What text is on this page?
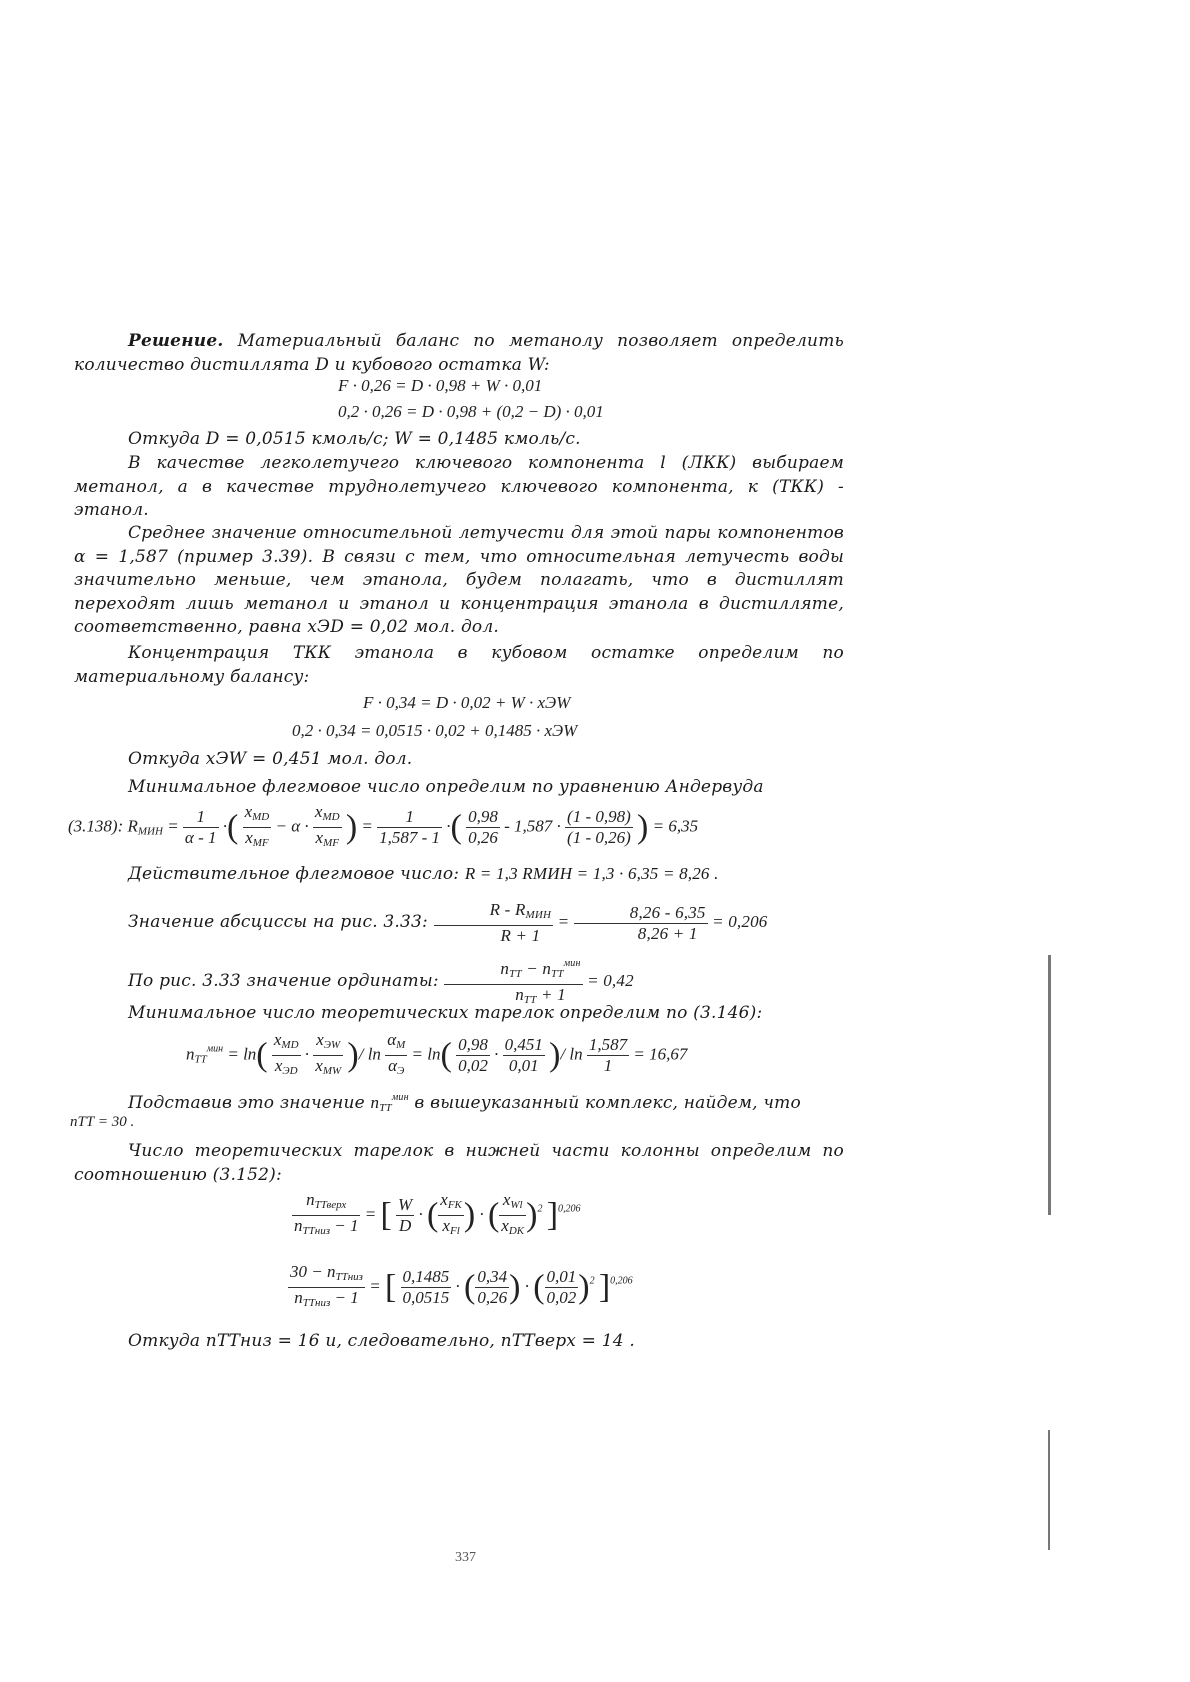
Решение. Материальный баланс по метанолу позволяет определить количество дистиллята D и кубового остатка W:
F · 0,26 = D · 0,98 + W · 0,01
0,2 · 0,26 = D · 0,98 + (0,2 − D) · 0,01
Откуда D = 0,0515 кмоль/с; W = 0,1485 кмоль/с.
В качестве легколетучего ключевого компонента l (ЛКК) выбираем метанол, а в качестве труднолетучего ключевого компонента, к (ТКК) - этанол.
Среднее значение относительной летучести для этой пары компонентов α = 1,587 (пример 3.39). В связи с тем, что относительная летучесть воды значительно меньше, чем этанола, будем полагать, что в дистиллят переходят лишь метанол и этанол и концентрация этанола в дистилляте, соответственно, равна xЭD = 0,02 мол. дол.
Концентрация ТКК этанола в кубовом остатке определим по материальному балансу:
F · 0,34 = D · 0,02 + W · xЭW
0,2 · 0,34 = 0,0515 · 0,02 + 0,1485 · xЭW
Откуда xЭW = 0,451 мол. дол.
Минимальное флегмовое число определим по уравнению Андервуда
(3.138): $R_{МИН} = \frac{1}{\alpha - 1}$ ·( $\frac{x_{MD}}{x_{MF}} - \alpha \cdot \frac{x_{MD}}{x_{MF}}$ ) = $\frac{1}{1,587 - 1}$ ·( $\frac{0,98}{0,26} - 1,587 \cdot \frac{(1 - 0,98)}{(1 - 0,26)}$ ) = 6,35
Действительное флегмовое число: R = 1,3 RМИН = 1,3 · 6,35 = 8,26 .
Значение абсциссы на рис. 3.33: $\frac{R - R_{МИН}}{R + 1} = \frac{8,26 - 6,35}{8,26 + 1} = 0,206$
По рис. 3.33 значение ординаты: $\frac{n_{ТТ} - n_{ТТ}^{мин}}{n_{ТТ} + 1} = 0,42$
Минимальное число теоретических тарелок определим по (3.146):
$n_{ТТ}^{мин} = \ln( \frac{x_{MD}}{x_{ЭD}} \cdot \frac{x_{ЭW}}{x_{MW}}$ )/ $\ln \frac{\alpha_M}{\alpha_Э} = \ln( \frac{0,98}{0,02} \cdot \frac{0,451}{0,01}$ )/ $\ln \frac{1,587}{1} = 16,67$
Подставив это значение $n_{ТТ}^{мин}$ в вышеуказанный комплекс, найдем, что
nТТ = 30 .
Число теоретических тарелок в нижней части колонны определим по соотношению (3.152):
$\frac{n_{ТТверх}}{n_{ТТниз} - 1}$ = [ $\frac{W}{D}$ · ( $\frac{x_{FK}}{x_{Fl}}$ ) · ( $\frac{x_{Wl}}{x_{DK}} )^2$ ]$^{0,206}$
$\frac{30 - n_{ТТниз}}{n_{ТТниз} - 1}$ = [ $\frac{0,1485}{0,0515}$ · ( $\frac{0,34}{0,26}$ ) · ( $\frac{0,01}{0,02} )^2$ ]$^{0,206}$
Откуда nТТниз = 16 и, следовательно, nТТверх = 14 .
337
